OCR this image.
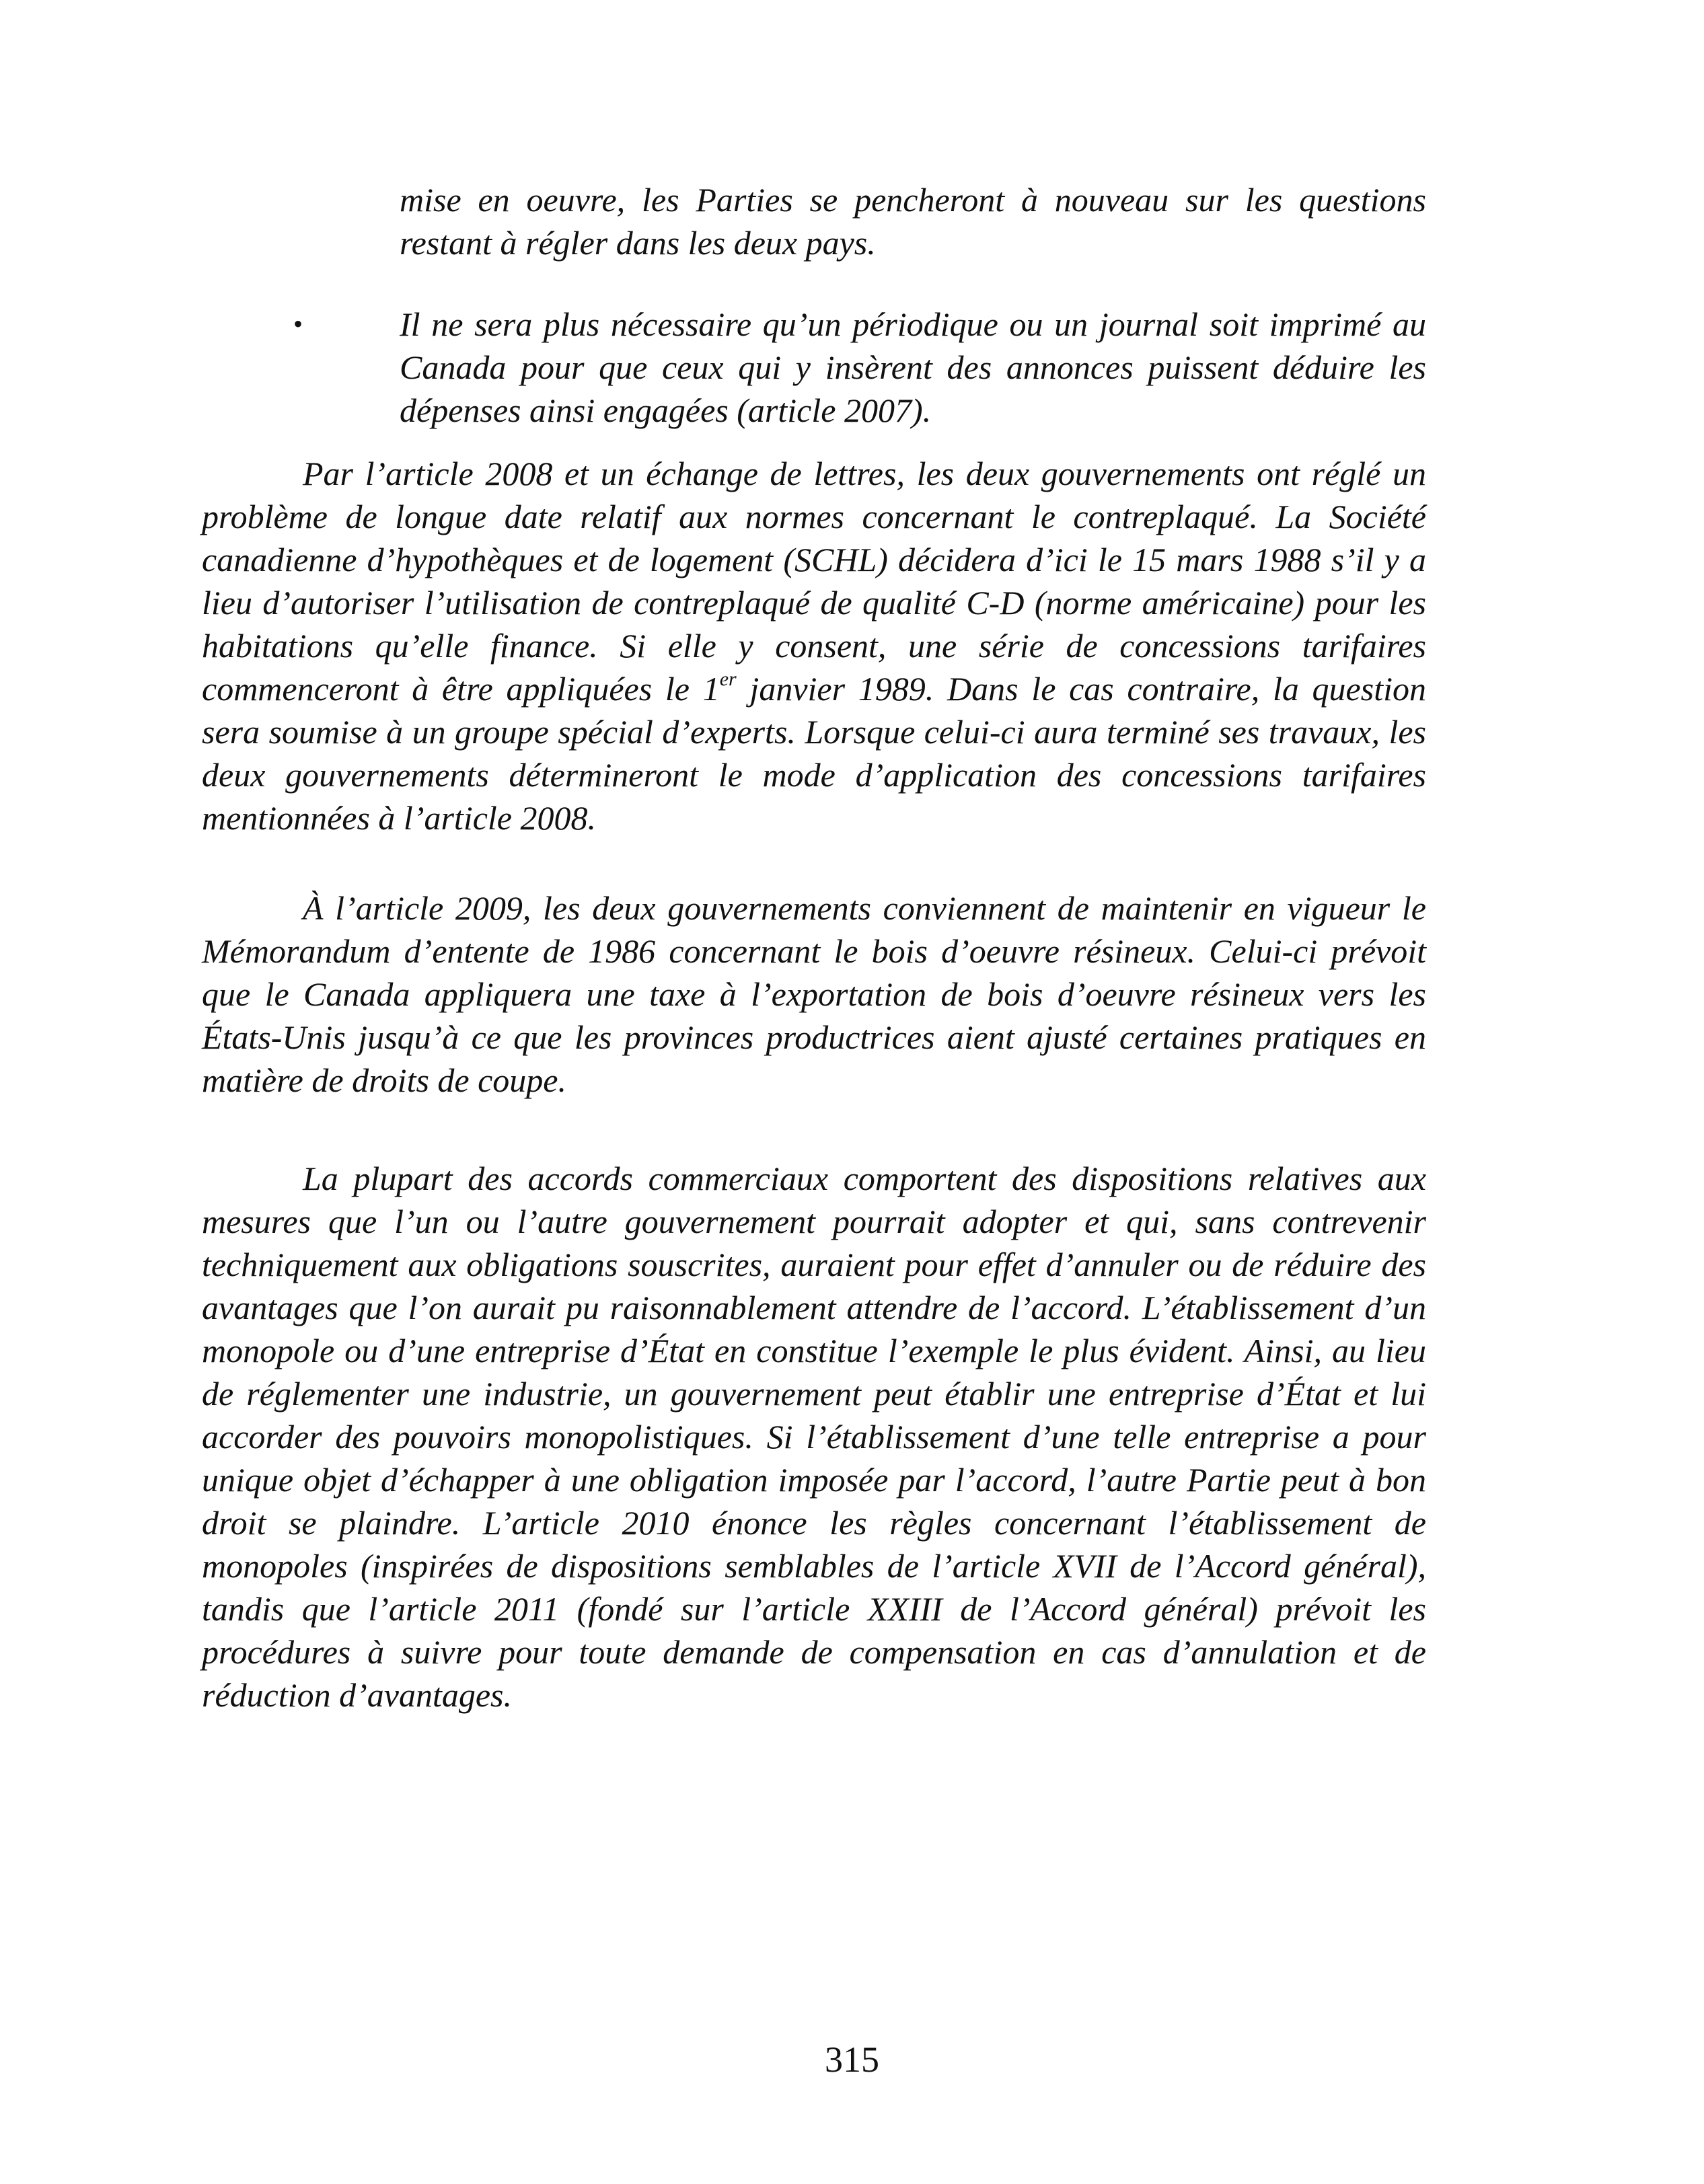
mise en oeuvre, les Parties se pencheront à nouveau sur les questions restant à régler dans les deux pays.
•	Il ne sera plus nécessaire qu’un périodique ou un journal soit imprimé au Canada pour que ceux qui y insèrent des annonces puissent déduire les dépenses ainsi engagées (article 2007).
Par l’article 2008 et un échange de lettres, les deux gouvernements ont réglé un problème de longue date relatif aux normes concernant le contreplaqué. La Société canadienne d’hypothèques et de logement (SCHL) décidera d’ici le 15 mars 1988 s’il y a lieu d’autoriser l’utilisation de contreplaqué de qualité C-D (norme américaine) pour les habitations qu’elle finance. Si elle y consent, une série de concessions tarifaires commenceront à être appliquées le 1er janvier 1989. Dans le cas contraire, la question sera soumise à un groupe spécial d’experts. Lorsque celui-ci aura terminé ses travaux, les deux gouvernements détermineront le mode d’application des concessions tarifaires mentionnées à l’article 2008.
À l’article 2009, les deux gouvernements conviennent de maintenir en vigueur le Mémorandum d’entente de 1986 concernant le bois d’oeuvre résineux. Celui-ci prévoit que le Canada appliquera une taxe à l’exportation de bois d’oeuvre résineux vers les États-Unis jusqu’à ce que les provinces productrices aient ajusté certaines pratiques en matière de droits de coupe.
La plupart des accords commerciaux comportent des dispositions relatives aux mesures que l’un ou l’autre gouvernement pourrait adopter et qui, sans contrevenir techniquement aux obligations souscrites, auraient pour effet d’annuler ou de réduire des avantages que l’on aurait pu raisonnablement attendre de l’accord. L’établissement d’un monopole ou d’une entreprise d’État en constitue l’exemple le plus évident. Ainsi, au lieu de réglementer une industrie, un gouvernement peut établir une entreprise d’État et lui accorder des pouvoirs monopolistiques. Si l’établissement d’une telle entreprise a pour unique objet d’échapper à une obligation imposée par l’accord, l’autre Partie peut à bon droit se plaindre. L’article 2010 énonce les règles concernant l’établissement de monopoles (inspirées de dispositions semblables de l’article XVII de l’Accord général), tandis que l’article 2011 (fondé sur l’article XXIII de l’Accord général) prévoit les procédures à suivre pour toute demande de compensation en cas d’annulation et de réduction d’avantages.
315
